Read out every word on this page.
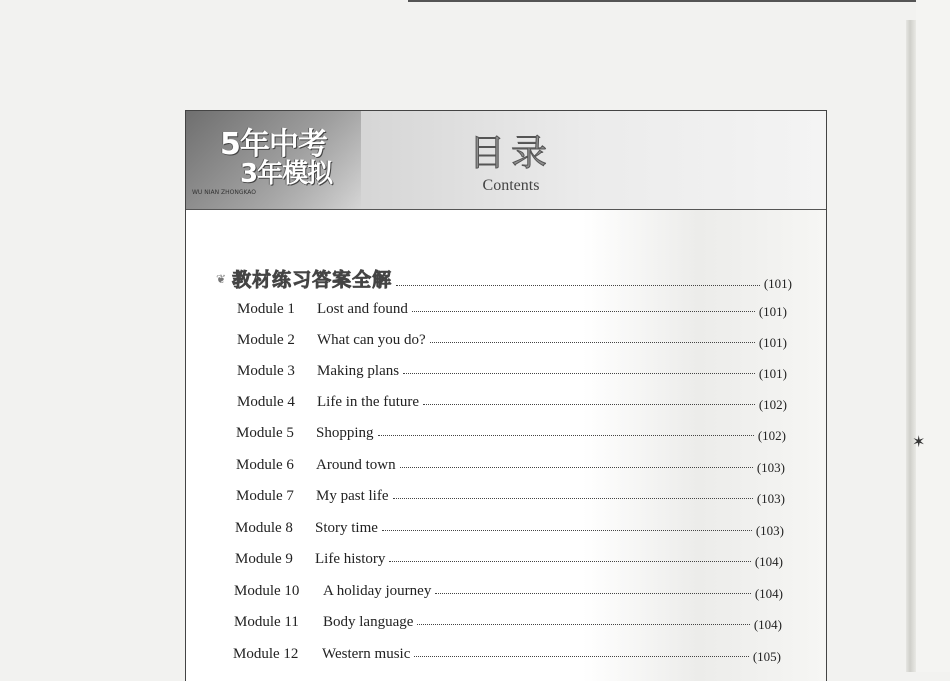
✶
5年中考
3年模拟
WU NIAN ZHONGKAO
目录
Contents
❦ 教材练习答案全解	(101)
Module 1	Lost and found	(101)
Module 2	What can you do?	(101)
Module 3	Making plans	(101)
Module 4	Life in the future	(102)
Module 5	Shopping	(102)
Module 6	Around town	(103)
Module 7	My past life	(103)
Module 8	Story time	(103)
Module 9	Life history	(104)
Module 10	A holiday journey	(104)
Module 11	Body language	(104)
Module 12	Western music	(105)
